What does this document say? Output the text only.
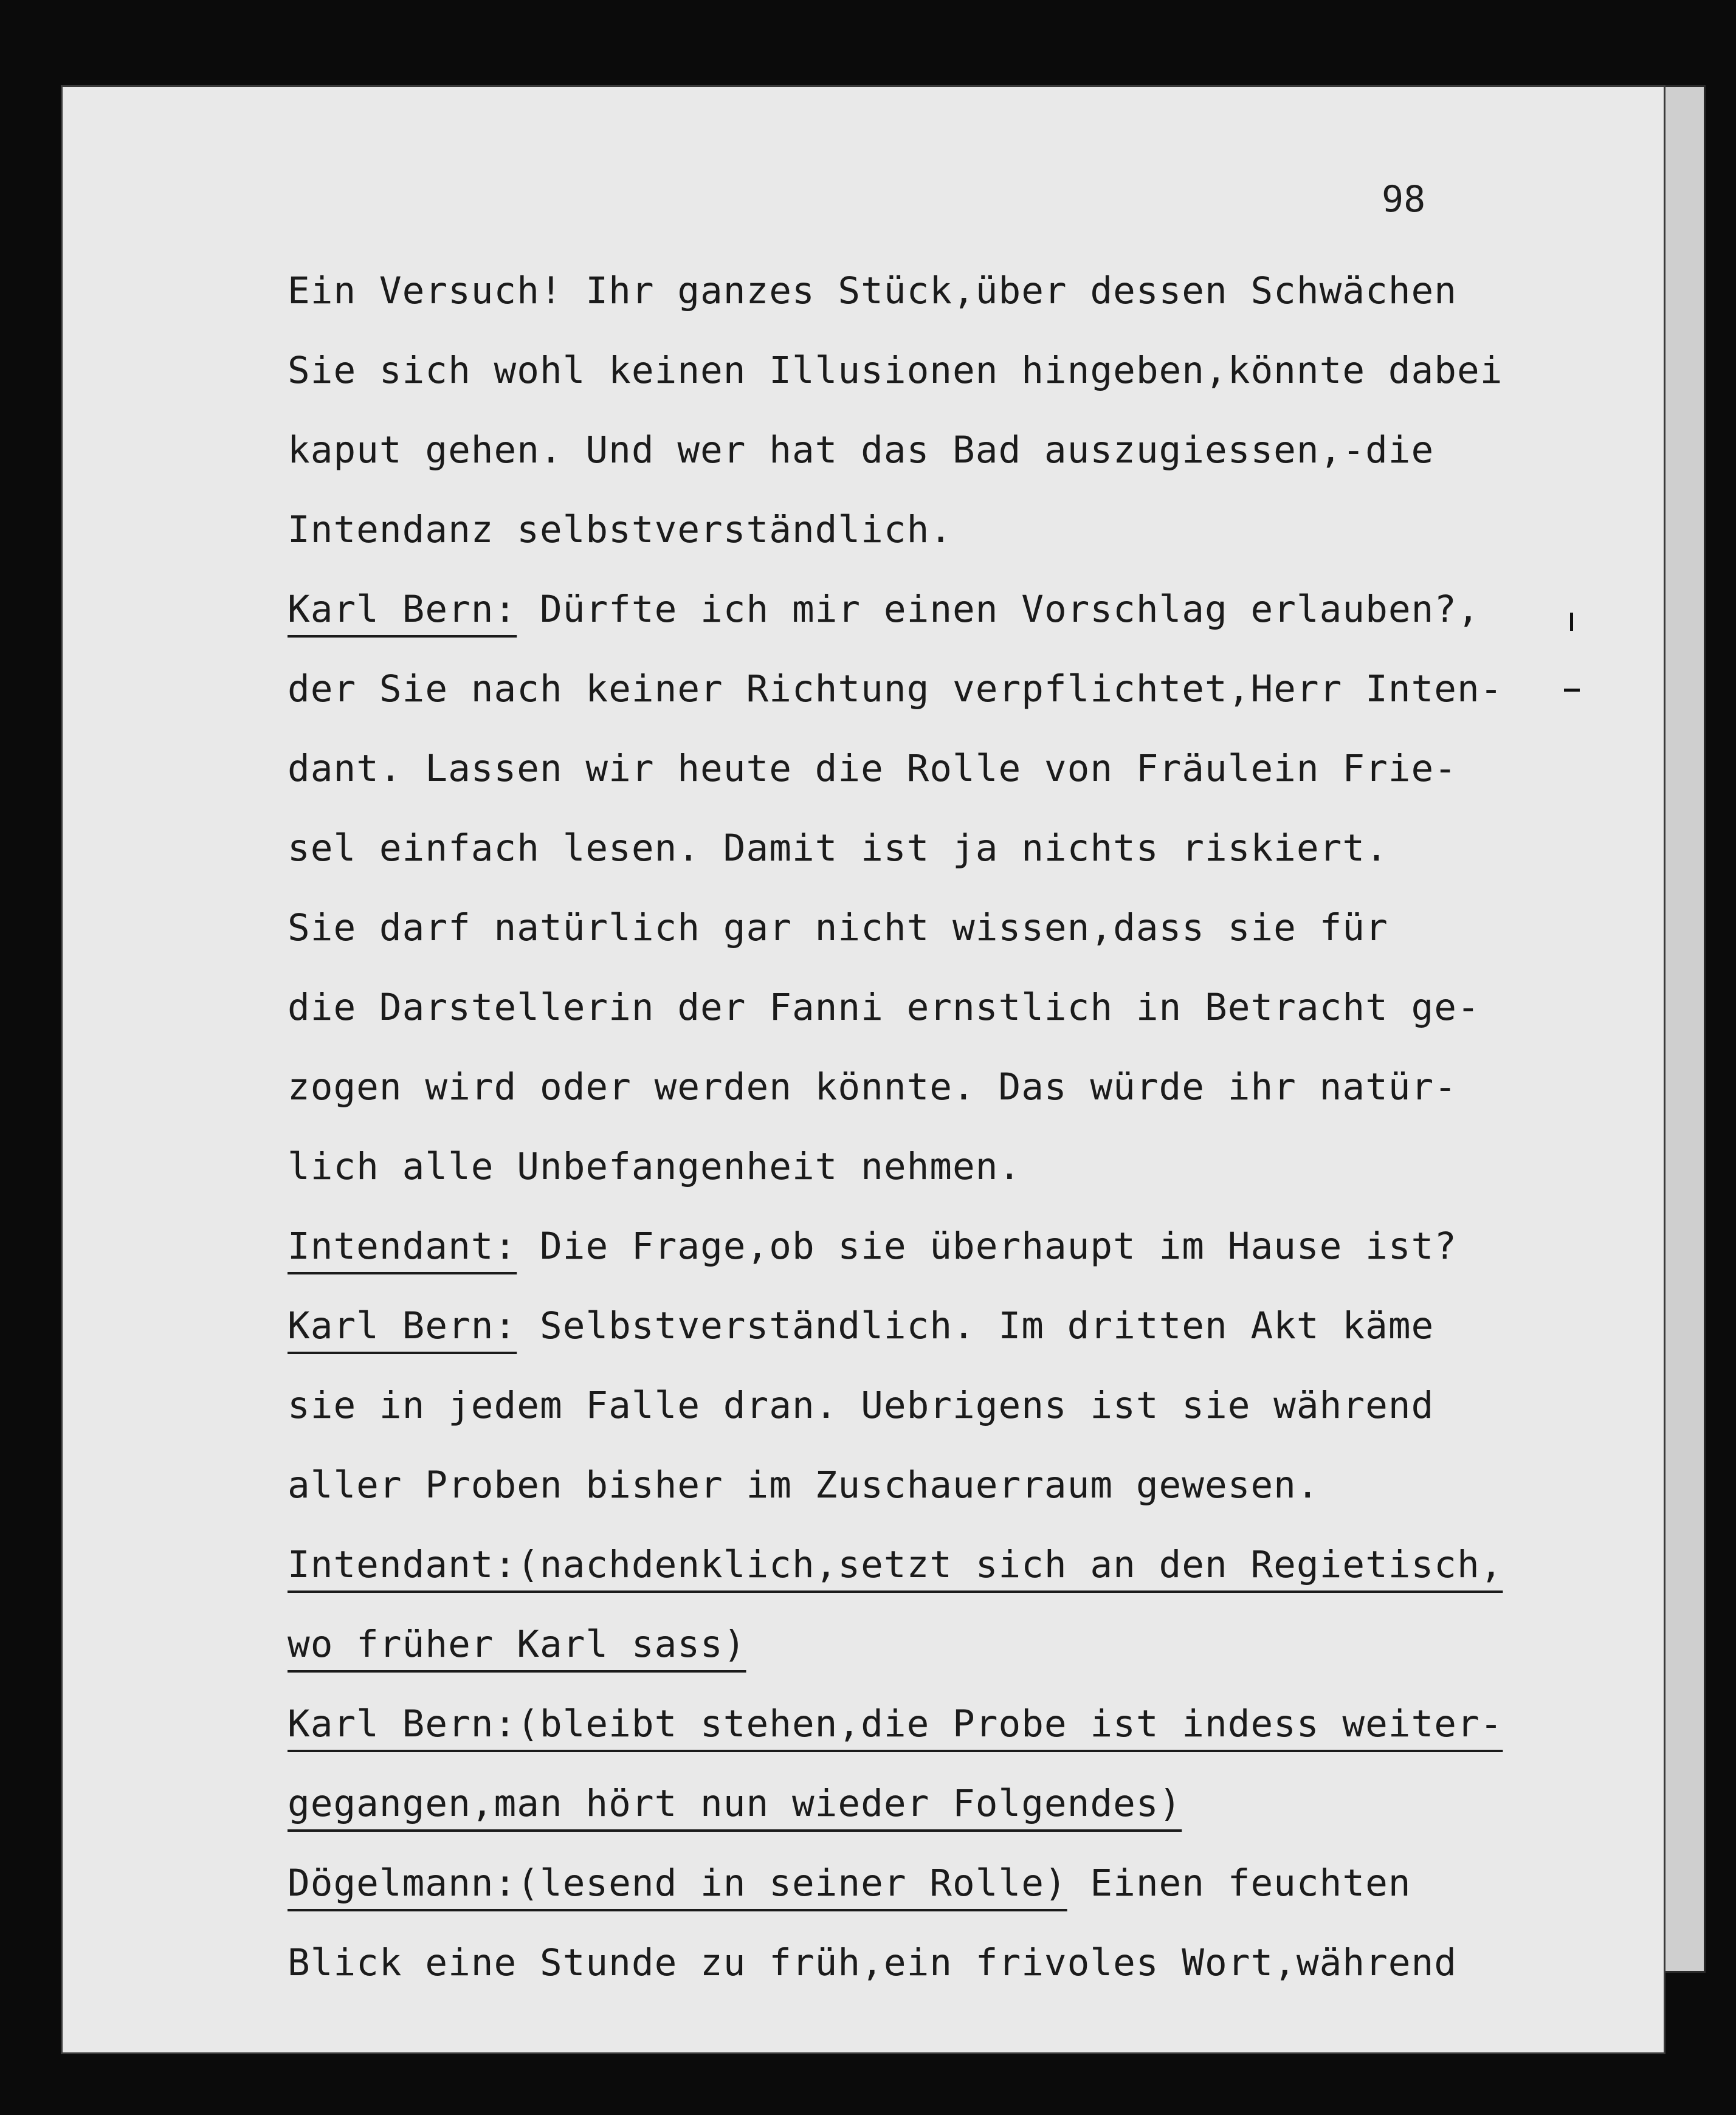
98
Ein Versuch! Ihr ganzes Stück,über dessen Schwächen
Sie sich wohl keinen Illusionen hingeben,könnte dabei
kaput gehen. Und wer hat das Bad auszugiessen,-die
Intendanz selbstverständlich.
Karl Bern: Dürfte ich mir einen Vorschlag erlauben?,
der Sie nach keiner Richtung verpflichtet,Herr Inten-
dant. Lassen wir heute die Rolle von Fräulein Frie-
sel einfach lesen. Damit ist ja nichts riskiert.
Sie darf natürlich gar nicht wissen,dass sie für
die Darstellerin der Fanni ernstlich in Betracht ge-
zogen wird oder werden könnte. Das würde ihr natür-
lich alle Unbefangenheit nehmen.
Intendant: Die Frage,ob sie überhaupt im Hause ist?
Karl Bern: Selbstverständlich. Im dritten Akt käme
sie in jedem Falle dran. Uebrigens ist sie während
aller Proben bisher im Zuschauerraum gewesen.
Intendant:(nachdenklich,setzt sich an den Regietisch,
wo früher Karl sass)
Karl Bern:(bleibt stehen,die Probe ist indess weiter-
gegangen,man hört nun wieder Folgendes)
Dögelmann:(lesend in seiner Rolle) Einen feuchten
Blick eine Stunde zu früh,ein frivoles Wort,während
